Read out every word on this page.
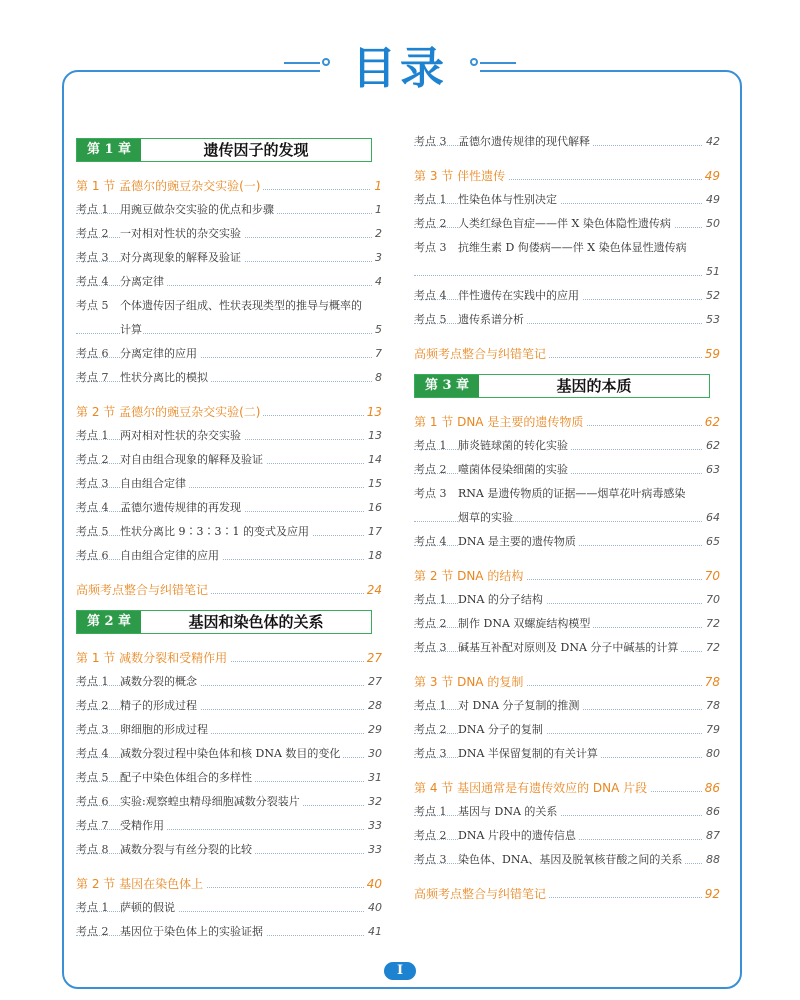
目录
第 1 章	遗传因子的发现
第 1 节 孟德尔的豌豆杂交实验(一)	1
考点 1 用豌豆做杂交实验的优点和步骤	1
考点 2 一对相对性状的杂交实验	2
考点 3 对分离现象的解释及验证	3
考点 4 分离定律	4
考点 5 个体遗传因子组成、性状表现类型的推导与概率的
计算	5
考点 6 分离定律的应用	7
考点 7 性状分离比的模拟	8
第 2 节 孟德尔的豌豆杂交实验(二)	13
考点 1 两对相对性状的杂交实验	13
考点 2 对自由组合现象的解释及验证	14
考点 3 自由组合定律	15
考点 4 孟德尔遗传规律的再发现	16
考点 5 性状分离比 9∶3∶3∶1 的变式及应用	17
考点 6 自由组合定律的应用	18
高频考点整合与纠错笔记	24
第 2 章	基因和染色体的关系
第 1 节 减数分裂和受精作用	27
考点 1 减数分裂的概念	27
考点 2 精子的形成过程	28
考点 3 卵细胞的形成过程	29
考点 4 减数分裂过程中染色体和核 DNA 数目的变化	30
考点 5 配子中染色体组合的多样性	31
考点 6 实验:观察蝗虫精母细胞减数分裂装片	32
考点 7 受精作用	33
考点 8 减数分裂与有丝分裂的比较	33
第 2 节 基因在染色体上	40
考点 1 萨顿的假说	40
考点 2 基因位于染色体上的实验证据	41
考点 3 孟德尔遗传规律的现代解释	42
第 3 节 伴性遗传	49
考点 1 性染色体与性别决定	49
考点 2 人类红绿色盲症——伴 X 染色体隐性遗传病	50
考点 3 抗维生素 D 佝偻病——伴 X 染色体显性遗传病
51
考点 4 伴性遗传在实践中的应用	52
考点 5 遗传系谱分析	53
高频考点整合与纠错笔记	59
第 3 章	基因的本质
第 1 节 DNA 是主要的遗传物质	62
考点 1 肺炎链球菌的转化实验	62
考点 2 噬菌体侵染细菌的实验	63
考点 3 RNA 是遗传物质的证据——烟草花叶病毒感染
烟草的实验	64
考点 4 DNA 是主要的遗传物质	65
第 2 节 DNA 的结构	70
考点 1 DNA 的分子结构	70
考点 2 制作 DNA 双螺旋结构模型	72
考点 3 碱基互补配对原则及 DNA 分子中碱基的计算	72
第 3 节 DNA 的复制	78
考点 1 对 DNA 分子复制的推测	78
考点 2 DNA 分子的复制	79
考点 3 DNA 半保留复制的有关计算	80
第 4 节 基因通常是有遗传效应的 DNA 片段	86
考点 1 基因与 DNA 的关系	86
考点 2 DNA 片段中的遗传信息	87
考点 3 染色体、DNA、基因及脱氧核苷酸之间的关系 88
高频考点整合与纠错笔记	92
I
